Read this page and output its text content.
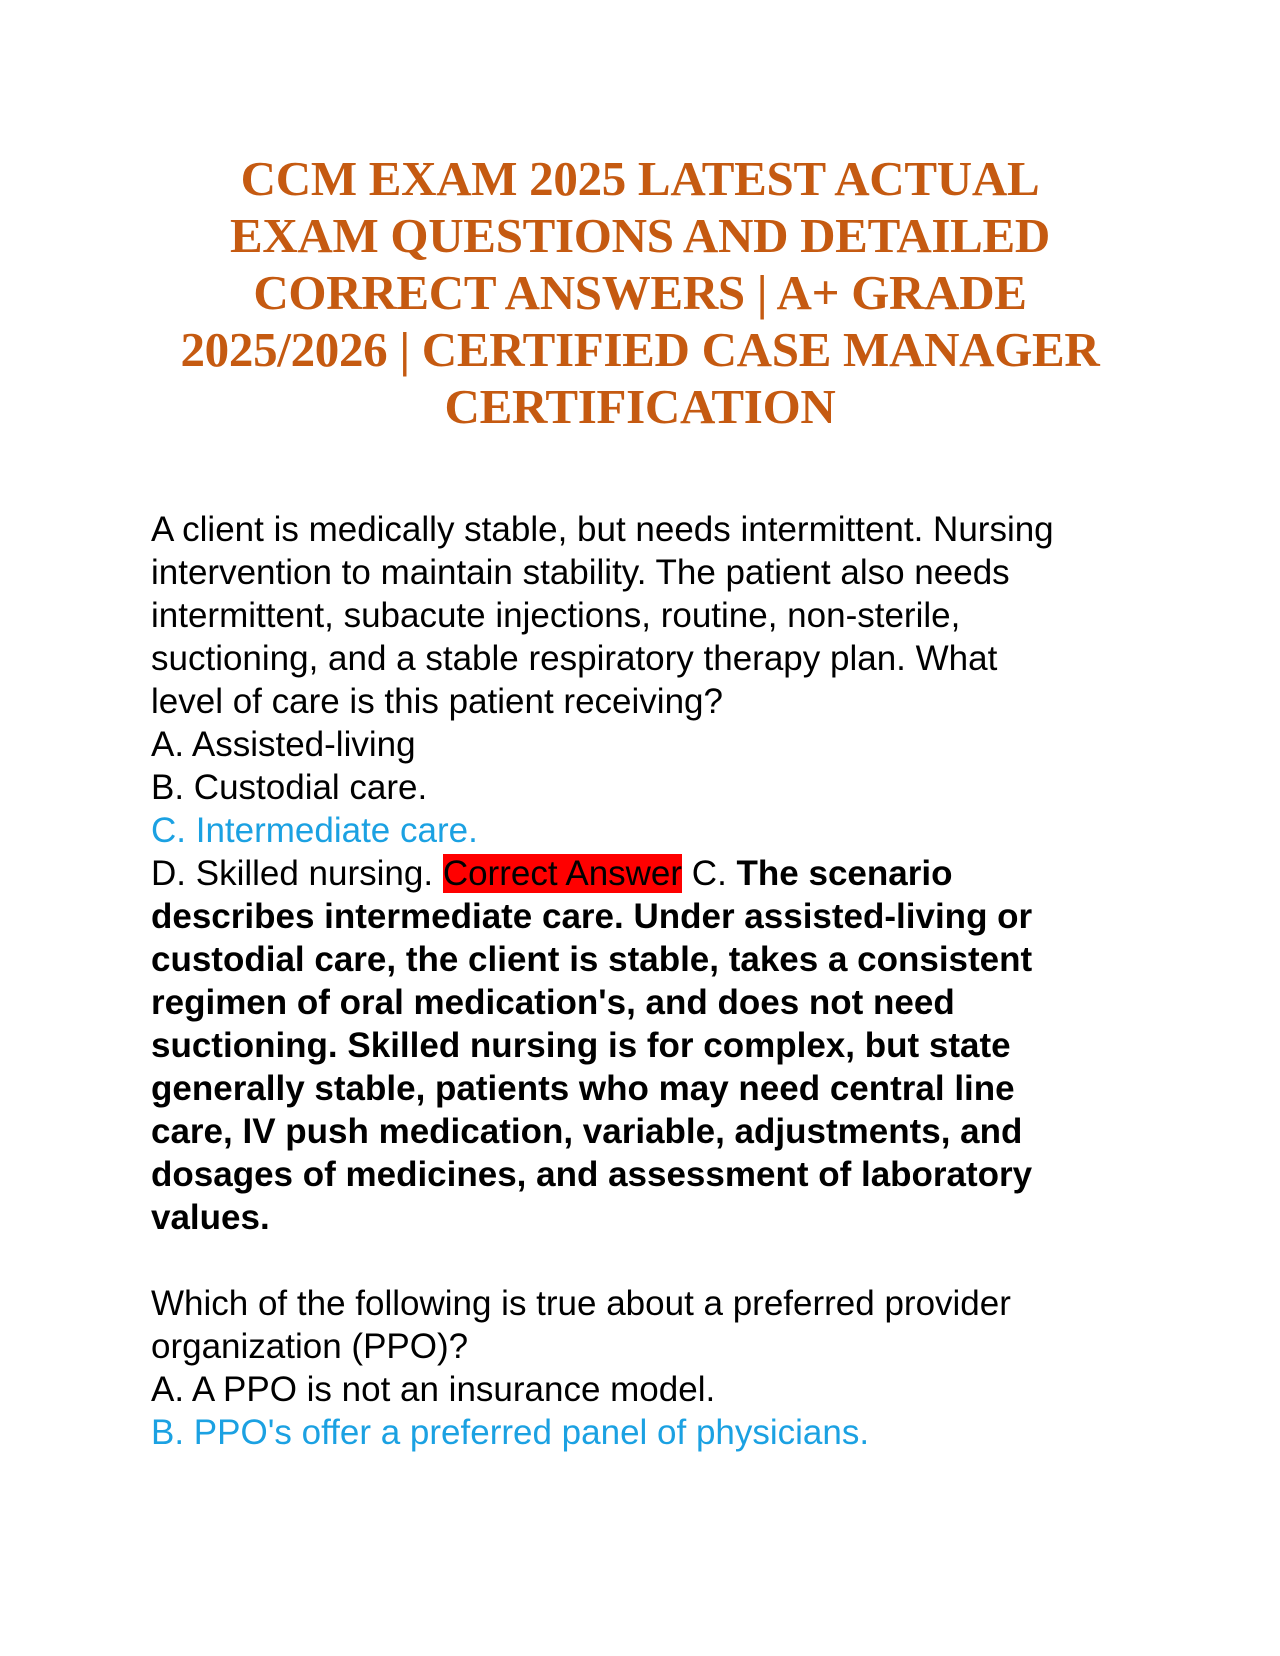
CCM EXAM 2025 LATEST ACTUAL
EXAM QUESTIONS AND DETAILED
CORRECT ANSWERS | A+ GRADE
2025/2026 | CERTIFIED CASE MANAGER
CERTIFICATION
A client is medically stable, but needs intermittent. Nursing
intervention to maintain stability. The patient also needs
intermittent, subacute injections, routine, non-sterile,
suctioning, and a stable respiratory therapy plan. What
level of care is this patient receiving?
A. Assisted-living
B. Custodial care.
C. Intermediate care.
D. Skilled nursing. Correct Answer C. The scenario
describes intermediate care. Under assisted-living or
custodial care, the client is stable, takes a consistent
regimen of oral medication's, and does not need
suctioning. Skilled nursing is for complex, but state
generally stable, patients who may need central line
care, IV push medication, variable, adjustments, and
dosages of medicines, and assessment of laboratory
values.
Which of the following is true about a preferred provider
organization (PPO)?
A. A PPO is not an insurance model.
B. PPO's offer a preferred panel of physicians.
